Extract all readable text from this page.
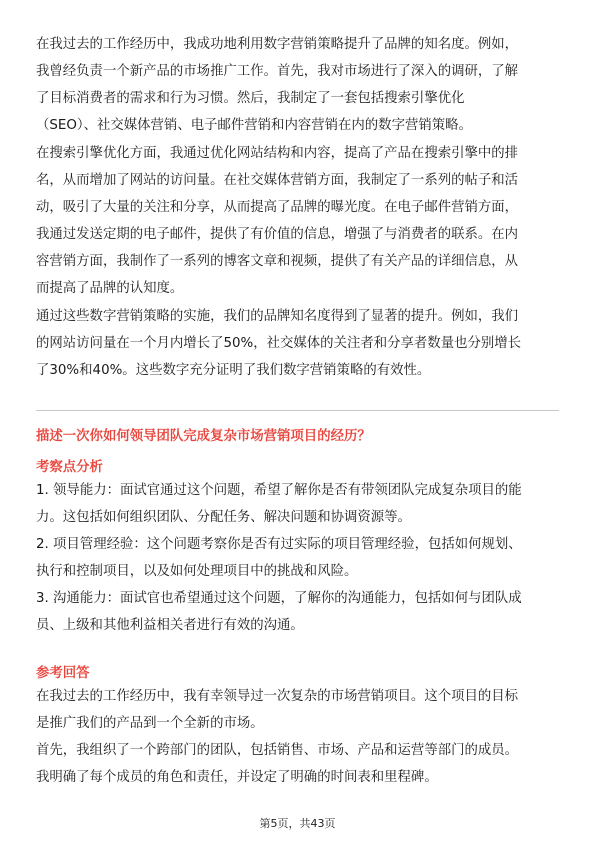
在我过去的工作经历中，我成功地利用数字营销策略提升了品牌的知名度。例如，
我曾经负责一个新产品的市场推广工作。首先，我对市场进行了深入的调研，了解
了目标消费者的需求和行为习惯。然后，我制定了一套包括搜索引擎优化
（SEO）、社交媒体营销、电子邮件营销和内容营销在内的数字营销策略。
在搜索引擎优化方面，我通过优化网站结构和内容，提高了产品在搜索引擎中的排
名，从而增加了网站的访问量。在社交媒体营销方面，我制定了一系列的帖子和活
动，吸引了大量的关注和分享，从而提高了品牌的曝光度。在电子邮件营销方面，
我通过发送定期的电子邮件，提供了有价值的信息，增强了与消费者的联系。在内
容营销方面，我制作了一系列的博客文章和视频，提供了有关产品的详细信息，从
而提高了品牌的认知度。
通过这些数字营销策略的实施，我们的品牌知名度得到了显著的提升。例如，我们
的网站访问量在一个月内增长了50%，社交媒体的关注者和分享者数量也分别增长
了30%和40%。这些数字充分证明了我们数字营销策略的有效性。
描述一次你如何领导团队完成复杂市场营销项目的经历？
考察点分析
1. 领导能力：面试官通过这个问题，希望了解你是否有带领团队完成复杂项目的能
力。这包括如何组织团队、分配任务、解决问题和协调资源等。
2. 项目管理经验：这个问题考察你是否有过实际的项目管理经验，包括如何规划、
执行和控制项目，以及如何处理项目中的挑战和风险。
3. 沟通能力：面试官也希望通过这个问题，了解你的沟通能力，包括如何与团队成
员、上级和其他利益相关者进行有效的沟通。
参考回答
在我过去的工作经历中，我有幸领导过一次复杂的市场营销项目。这个项目的目标
是推广我们的产品到一个全新的市场。
首先，我组织了一个跨部门的团队，包括销售、市场、产品和运营等部门的成员。
我明确了每个成员的角色和责任，并设定了明确的时间表和里程碑。
第5页，共43页
